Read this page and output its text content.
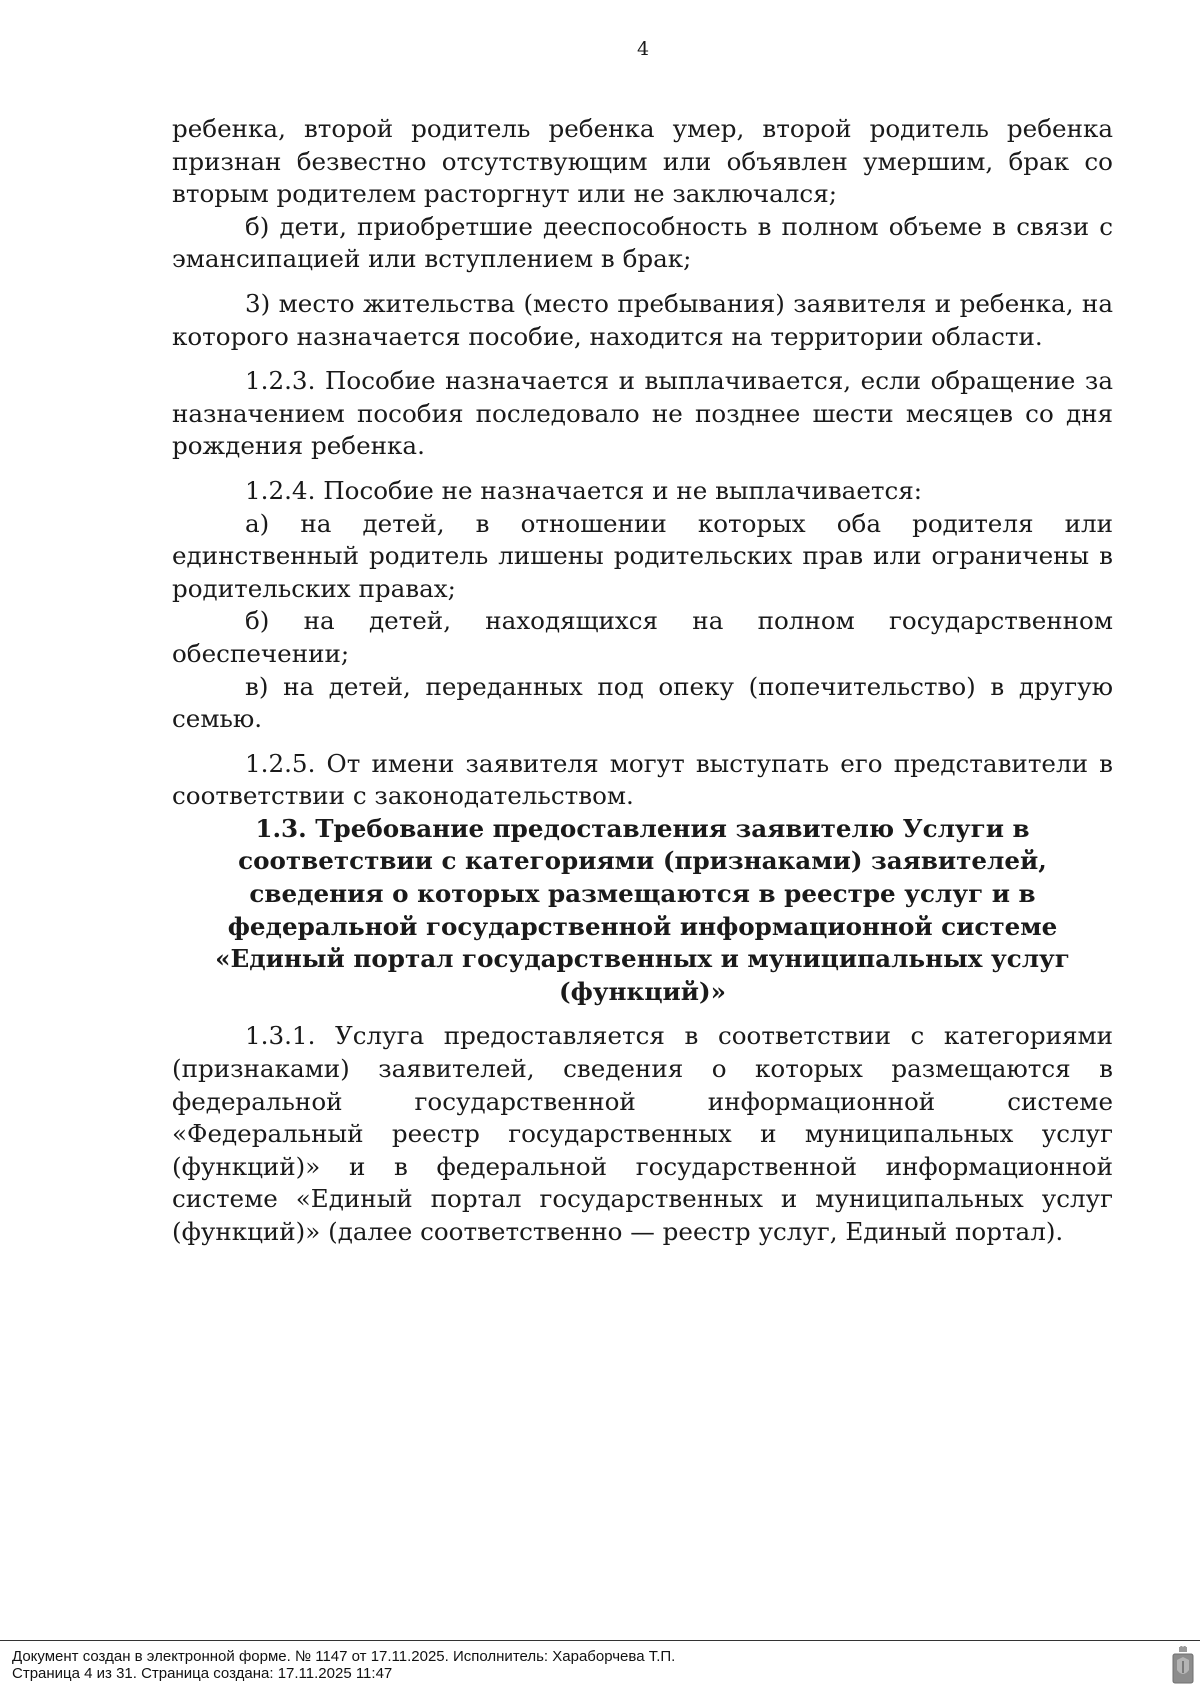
4

ребенка, второй родитель ребенка умер, второй родитель ребенка признан безвестно отсутствующим или объявлен умершим, брак со вторым родителем расторгнут или не заключался;

б) дети, приобретшие дееспособность в полном объеме в связи с эмансипацией или вступлением в брак;

3) место жительства (место пребывания) заявителя и ребенка, на которого назначается пособие, находится на территории области.

1.2.3. Пособие назначается и выплачивается, если обращение за назначением пособия последовало не позднее шести месяцев со дня рождения ребенка.

1.2.4. Пособие не назначается и не выплачивается:

а) на детей, в отношении которых оба родителя или единственный родитель лишены родительских прав или ограничены в родительских правах;

б) на детей, находящихся на полном государственном обеспечении;

в) на детей, переданных под опеку (попечительство) в другую семью.

1.2.5. От имени заявителя могут выступать его представители в соответствии с законодательством.

1.3. Требование предоставления заявителю Услуги в соответствии с категориями (признаками) заявителей, сведения о которых размещаются в реестре услуг и в федеральной государственной информационной системе «Единый портал государственных и муниципальных услуг (функций)»

1.3.1. Услуга предоставляется в соответствии с категориями (признаками) заявителей, сведения о которых размещаются в федеральной государственной информационной системе «Федеральный реестр государственных и муниципальных услуг (функций)» и в федеральной государственной информационной системе «Единый портал государственных и муниципальных услуг (функций)» (далее соответственно — реестр услуг, Единый портал).

Документ создан в электронной форме. № 1147 от 17.11.2025. Исполнитель: Хараборчева Т.П.
Страница 4 из 31. Страница создана: 17.11.2025 11:47
